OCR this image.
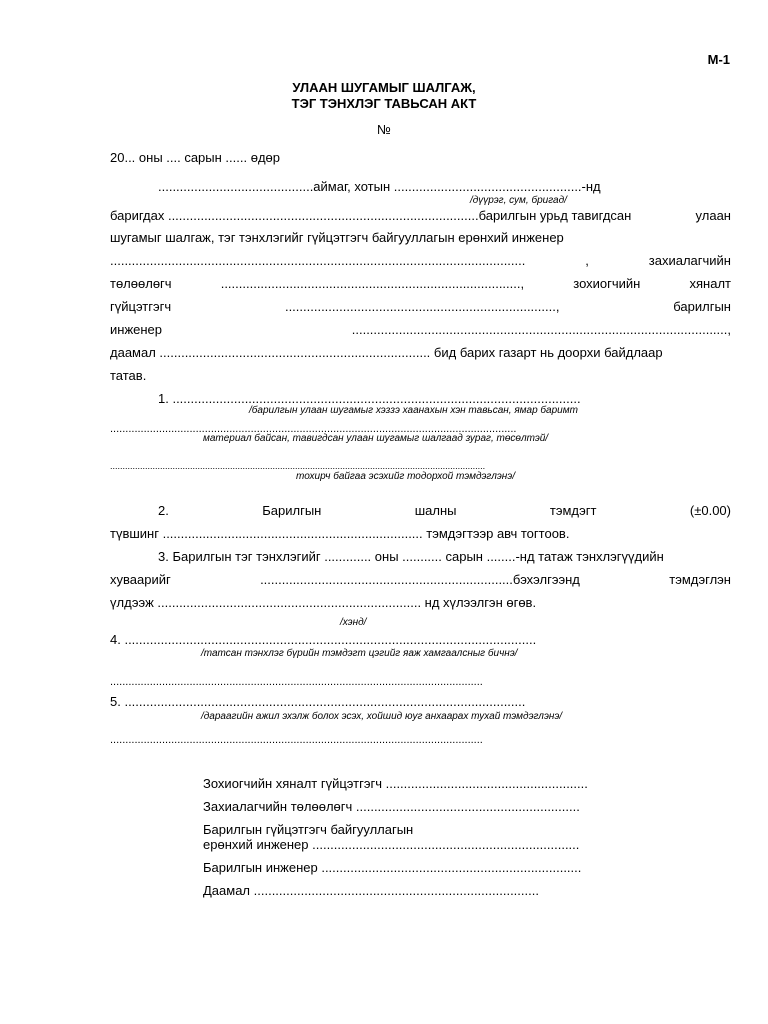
М-1
УЛААН ШУГАМЫГ ШАЛГАЖ,
ТЭГ ТЭНХЛЭГ ТАВЬСАН АКТ
№
20... оны .... сарын ...... өдөр
...........................................аймаг, хотын ....................................................-нд
/дүүрэг, сум, бригад/
баригдах ......................................................................................барилгын урьд тавигдсан	улаан
шугамыг шалгаж, тэг тэнхлэгийг гүйцэтгэгч байгууллагын ерөнхий инженер
...................................................................................................................	,	захиалагчийн
төлөөлөгч	...................................................................................,	зохиогчийн	хяналт
гүйцэтгэгч	...........................................................................,	барилгын
инженер	........................................................................................................,
даамал ........................................................................... бид барих газарт нь доорхи байдлаар
татав.
1. .................................................................................................................
/барилгын улаан шугамыг хэззэ хаанахын хэн тавьсан, ямар баримт
.....................................................................................................................................
материал байсан, тавигдсан улаан шугамыг шалгаад зураг, төсөлтэй/
......................................................................................................................................................
тохирч байгаа эсэхийг тодорхой тэмдэглэнэ/
2.	Барилгын	шалны	тэмдэгт	(±0.00)
түвшинг ........................................................................ тэмдэгтээр авч тогтоов.
3. Барилгын тэг тэнхлэгийг ............. оны ........... сарын ........-нд татаж тэнхлэгүүдийн
хуваарийг	......................................................................бэхэлгээнд	тэмдэглэн
үлдээж ......................................................................... нд хүлээлгэн өгөв.
/хэнд/
4. ..................................................................................................................
/татсан тэнхлэг бүрийн тэмдэгт цэгийг яаж хамгаалсныг бичнэ/
..........................................................................................................................
5. ...............................................................................................................
/дараагийн ажил эхэлж болох эсэх, хойшид юуг анхаарах тухай тэмдэглэнэ/
..........................................................................................................................
Зохиогчийн хяналт гүйцэтгэгч ........................................................
Захиалагчийн төлөөлөгч ..............................................................
Барилгын гүйцэтгэгч байгууллагын
ерөнхий инженер ..........................................................................
Барилгын инженер ........................................................................
Даамал ...............................................................................
